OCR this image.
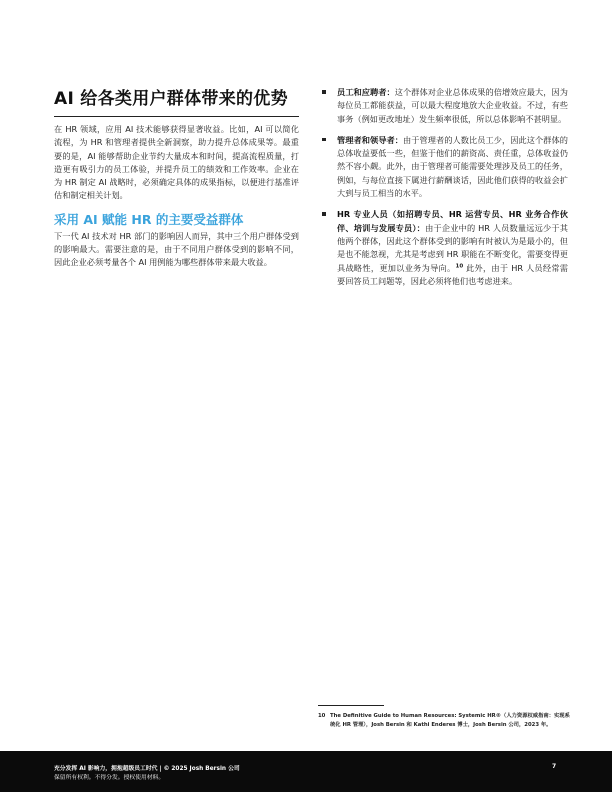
AI 给各类用户群体带来的优势

在 HR 领域，应用 AI 技术能够获得显著收益。比如，AI 可以简化流程，为 HR 和管理者提供全新洞察，助力提升总体成果等。最重要的是，AI 能够帮助企业节约大量成本和时间，提高流程质量，打造更有吸引力的员工体验，并提升员工的绩效和工作效率。企业在为 HR 制定 AI 战略时，必须确定具体的成果指标，以便进行基准评估和制定相关计划。

采用 AI 赋能 HR 的主要受益群体

下一代 AI 技术对 HR 部门的影响因人而异，其中三个用户群体受到的影响最大。需要注意的是，由于不同用户群体受到的影响不同，因此企业必须考量各个 AI 用例能为哪些群体带来最大收益。

员工和应聘者：这个群体对企业总体成果的倍增效应最大，因为每位员工都能获益，可以最大程度地放大企业收益。不过，有些事务（例如更改地址）发生频率很低，所以总体影响不甚明显。

管理者和领导者：由于管理者的人数比员工少，因此这个群体的总体收益要低一些，但鉴于他们的薪资高、责任重，总体收益仍然不容小觑。此外，由于管理者可能需要处理涉及员工的任务，例如，与每位直接下属进行薪酬谈话，因此他们获得的收益会扩大到与员工相当的水平。

HR 专业人员（如招聘专员、HR 运营专员、HR 业务合作伙伴、培训与发展专员）：由于企业中的 HR 人员数量远远少于其他两个群体，因此这个群体受到的影响有时被认为是最小的，但是也不能忽视，尤其是考虑到 HR 职能在不断变化，需要变得更具战略性，更加以业务为导向。$^{10}$ 此外，由于 HR 人员经常需要回答员工问题等，因此必须将他们也考虑进来。

10 The Definitive Guide to Human Resources: Systemic HR®（人力资源权威指南：实现系统化 HR 管理），Josh Bersin 和 Kathi Enderes 博士，Josh Bersin 公司，2023 年。

充分发挥 AI 影响力，拥抱超级员工时代 | © 2025 Josh Bersin 公司
保留所有权利。不得分发。授权使用材料。
7
